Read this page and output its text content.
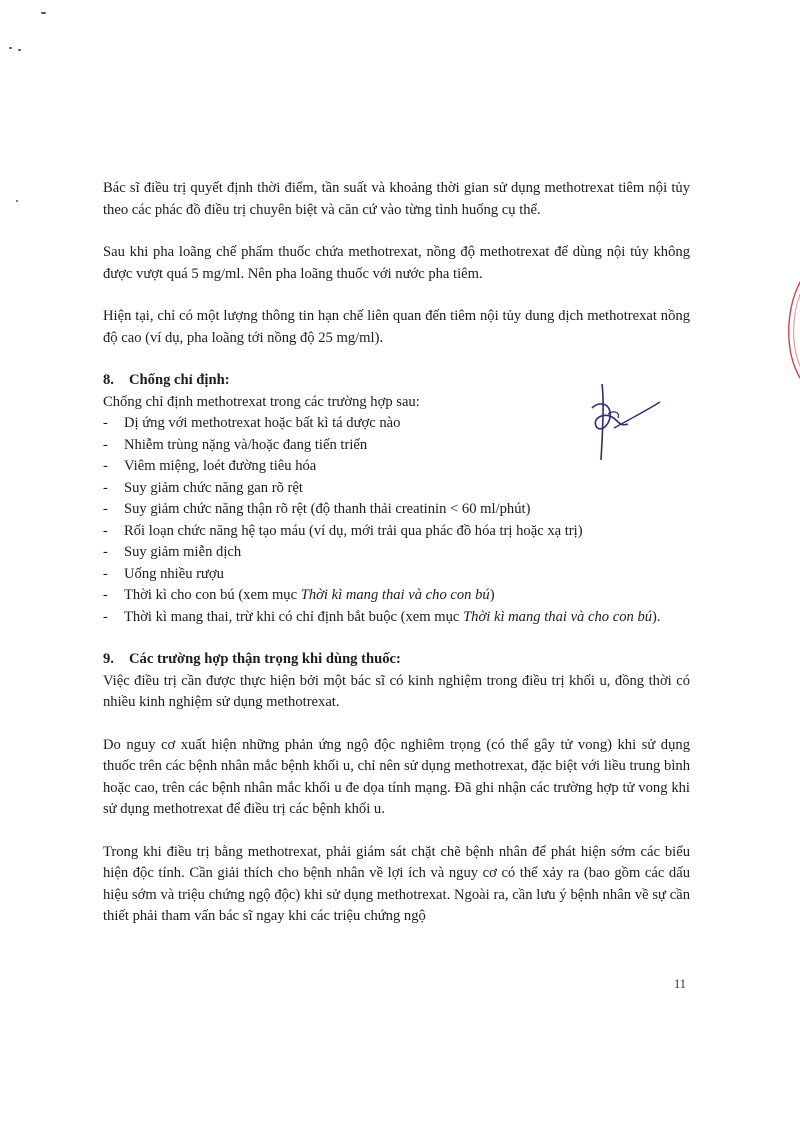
Bác sĩ điều trị quyết định thời điểm, tần suất và khoảng thời gian sử dụng methotrexat tiêm nội tủy theo các phác đồ điều trị chuyên biệt và căn cứ vào từng tình huống cụ thể.

Sau khi pha loãng chế phẩm thuốc chứa methotrexat, nồng độ methotrexat để dùng nội tủy không được vượt quá 5 mg/ml. Nên pha loãng thuốc với nước pha tiêm.

Hiện tại, chỉ có một lượng thông tin hạn chế liên quan đến tiêm nội tủy dung dịch methotrexat nồng độ cao (ví dụ, pha loãng tới nồng độ 25 mg/ml).

8. Chống chỉ định:

Chống chỉ định methotrexat trong các trường hợp sau:

- Dị ứng với methotrexat hoặc bất kì tá dược nào
- Nhiễm trùng nặng và/hoặc đang tiến triển
- Viêm miệng, loét đường tiêu hóa
- Suy giảm chức năng gan rõ rệt
- Suy giảm chức năng thận rõ rệt (độ thanh thải creatinin < 60 ml/phút)
- Rối loạn chức năng hệ tạo máu (ví dụ, mới trải qua phác đồ hóa trị hoặc xạ trị)
- Suy giảm miễn dịch
- Uống nhiều rượu
- Thời kì cho con bú (xem mục Thời kì mang thai và cho con bú)
- Thời kì mang thai, trừ khi có chỉ định bắt buộc (xem mục Thời kì mang thai và cho con bú).

9. Các trường hợp thận trọng khi dùng thuốc:

Việc điều trị cần được thực hiện bởi một bác sĩ có kinh nghiệm trong điều trị khối u, đồng thời có nhiều kinh nghiệm sử dụng methotrexat.

Do nguy cơ xuất hiện những phản ứng ngộ độc nghiêm trọng (có thể gây tử vong) khi sử dụng thuốc trên các bệnh nhân mắc bệnh khối u, chỉ nên sử dụng methotrexat, đặc biệt với liều trung bình hoặc cao, trên các bệnh nhân mắc khối u đe dọa tính mạng. Đã ghi nhận các trường hợp tử vong khi sử dụng methotrexat để điều trị các bệnh khối u.

Trong khi điều trị bằng methotrexat, phải giám sát chặt chẽ bệnh nhân để phát hiện sớm các biểu hiện độc tính. Cần giải thích cho bệnh nhân về lợi ích và nguy cơ có thể xảy ra (bao gồm các dấu hiệu sớm và triệu chứng ngộ độc) khi sử dụng methotrexat. Ngoài ra, cần lưu ý bệnh nhân về sự cần thiết phải tham vấn bác sĩ ngay khi các triệu chứng ngộ

11
